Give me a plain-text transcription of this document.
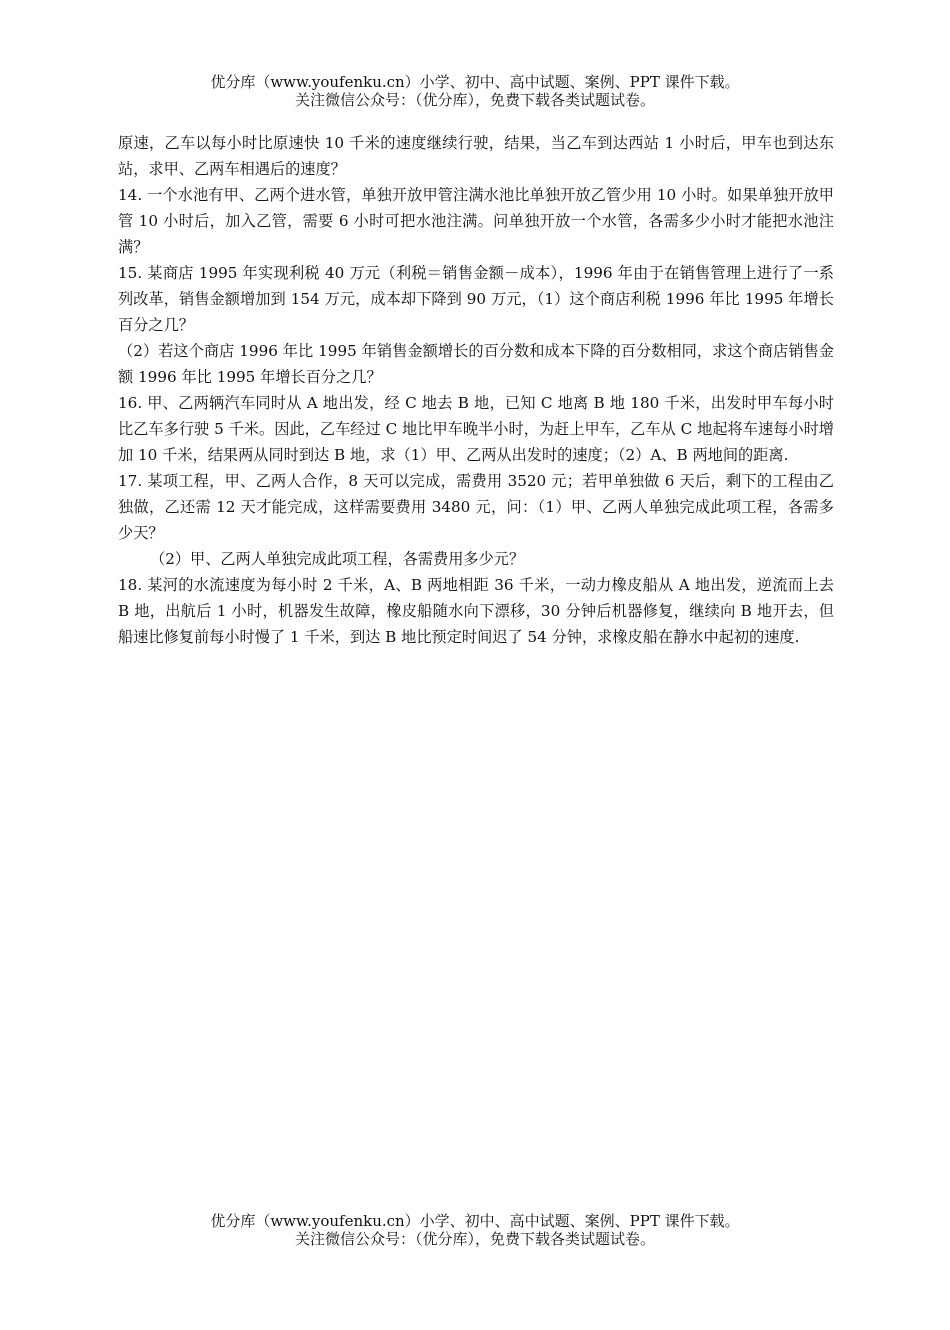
优分库（www.youfenku.cn）小学、初中、高中试题、案例、PPT 课件下载。
关注微信公众号：（优分库），免费下载各类试题试卷。

原速，乙车以每小时比原速快 10 千米的速度继续行驶，结果，当乙车到达西站 1 小时后，甲车也到达东站，求甲、乙两车相遇后的速度？

14. 一个水池有甲、乙两个进水管，单独开放甲管注满水池比单独开放乙管少用 10 小时。如果单独开放甲管 10 小时后，加入乙管，需要 6 小时可把水池注满。问单独开放一个水管，各需多少小时才能把水池注满？

15. 某商店 1995 年实现利税 40 万元（利税＝销售金额－成本），1996 年由于在销售管理上进行了一系列改革，销售金额增加到 154 万元，成本却下降到 90 万元，（1）这个商店利税 1996 年比 1995 年增长百分之几？

（2）若这个商店 1996 年比 1995 年销售金额增长的百分数和成本下降的百分数相同，求这个商店销售金额 1996 年比 1995 年增长百分之几？

16. 甲、乙两辆汽车同时从 A 地出发，经 C 地去 B 地，已知 C 地离 B 地 180 千米，出发时甲车每小时比乙车多行驶 5 千米。因此，乙车经过 C 地比甲车晚半小时，为赶上甲车，乙车从 C 地起将车速每小时增加 10 千米，结果两从同时到达 B 地，求（1）甲、乙两从出发时的速度；（2）A、B 两地间的距离.

17. 某项工程，甲、乙两人合作，8 天可以完成，需费用 3520 元；若甲单独做 6 天后，剩下的工程由乙独做，乙还需 12 天才能完成，这样需要费用 3480 元，问：（1）甲、乙两人单独完成此项工程，各需多少天？

（2）甲、乙两人单独完成此项工程，各需费用多少元？

18. 某河的水流速度为每小时 2 千米，A、B 两地相距 36 千米，一动力橡皮船从 A 地出发，逆流而上去 B 地，出航后 1 小时，机器发生故障，橡皮船随水向下漂移，30 分钟后机器修复，继续向 B 地开去，但船速比修复前每小时慢了 1 千米，到达 B 地比预定时间迟了 54 分钟，求橡皮船在静水中起初的速度.

优分库（www.youfenku.cn）小学、初中、高中试题、案例、PPT 课件下载。
关注微信公众号：（优分库），免费下载各类试题试卷。
